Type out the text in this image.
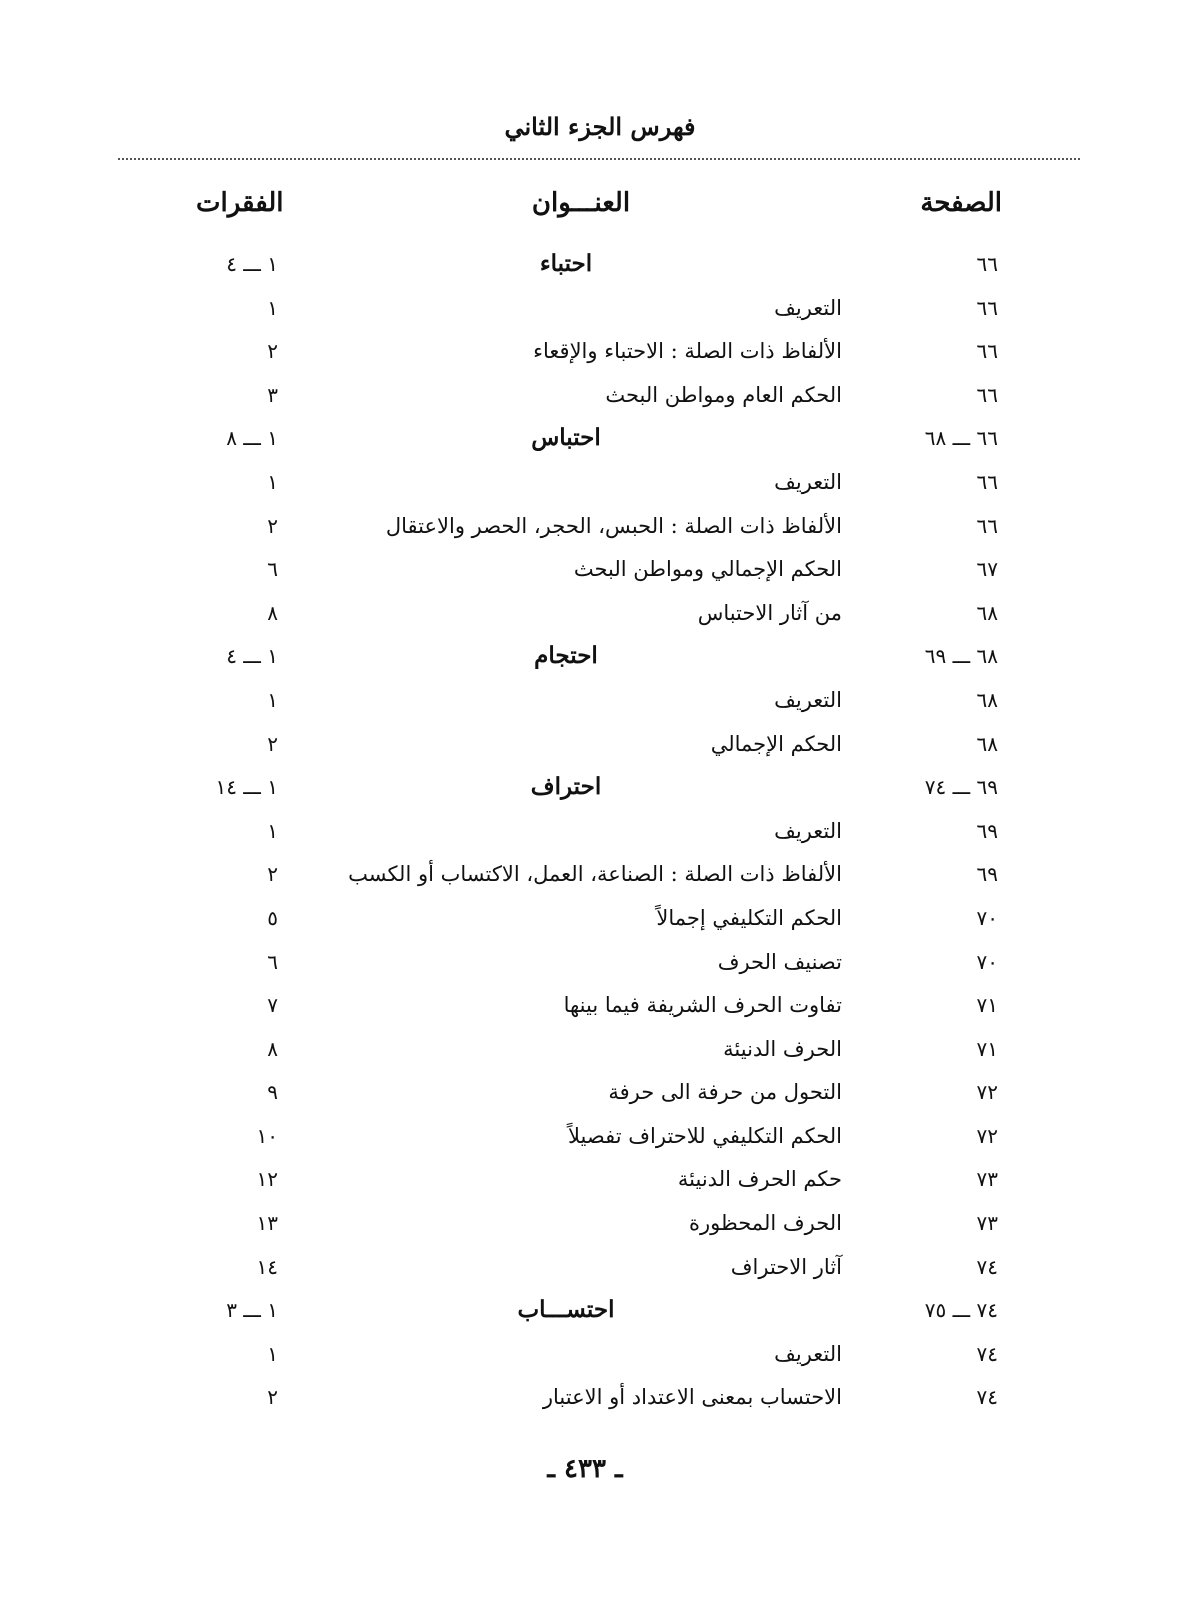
فهرس الجزء الثاني
الصفحة
العنـــوان
الفقرات
٦٦
احتباء
١ ـــ ٤
٦٦
التعريف
١
٦٦
الألفاظ ذات الصلة : الاحتباء والإقعاء
٢
٦٦
الحكم العام ومواطن البحث
٣
٦٦ ـــ ٦٨
احتباس
١ ـــ ٨
٦٦
التعريف
١
٦٦
الألفاظ ذات الصلة : الحبس، الحجر، الحصر والاعتقال
٢
٦٧
الحكم الإجمالي ومواطن البحث
٦
٦٨
من آثار الاحتباس
٨
٦٨ ـــ ٦٩
احتجام
١ ـــ ٤
٦٨
التعريف
١
٦٨
الحكم الإجمالي
٢
٦٩ ـــ ٧٤
احتراف
١ ـــ ١٤
٦٩
التعريف
١
٦٩
الألفاظ ذات الصلة : الصناعة، العمل، الاكتساب أو الكسب
٢
٧٠
الحكم التكليفي إجمالاً
٥
٧٠
تصنيف الحرف
٦
٧١
تفاوت الحرف الشريفة فيما بينها
٧
٧١
الحرف الدنيئة
٨
٧٢
التحول من حرفة الى حرفة
٩
٧٢
الحكم التكليفي للاحتراف تفصيلاً
١٠
٧٣
حكم الحرف الدنيئة
١٢
٧٣
الحرف المحظورة
١٣
٧٤
آثار الاحتراف
١٤
٧٤ ـــ ٧٥
احتســـاب
١ ـــ ٣
٧٤
التعريف
١
٧٤
الاحتساب بمعنى الاعتداد أو الاعتبار
٢
ـ ٤٣٣ ـ
